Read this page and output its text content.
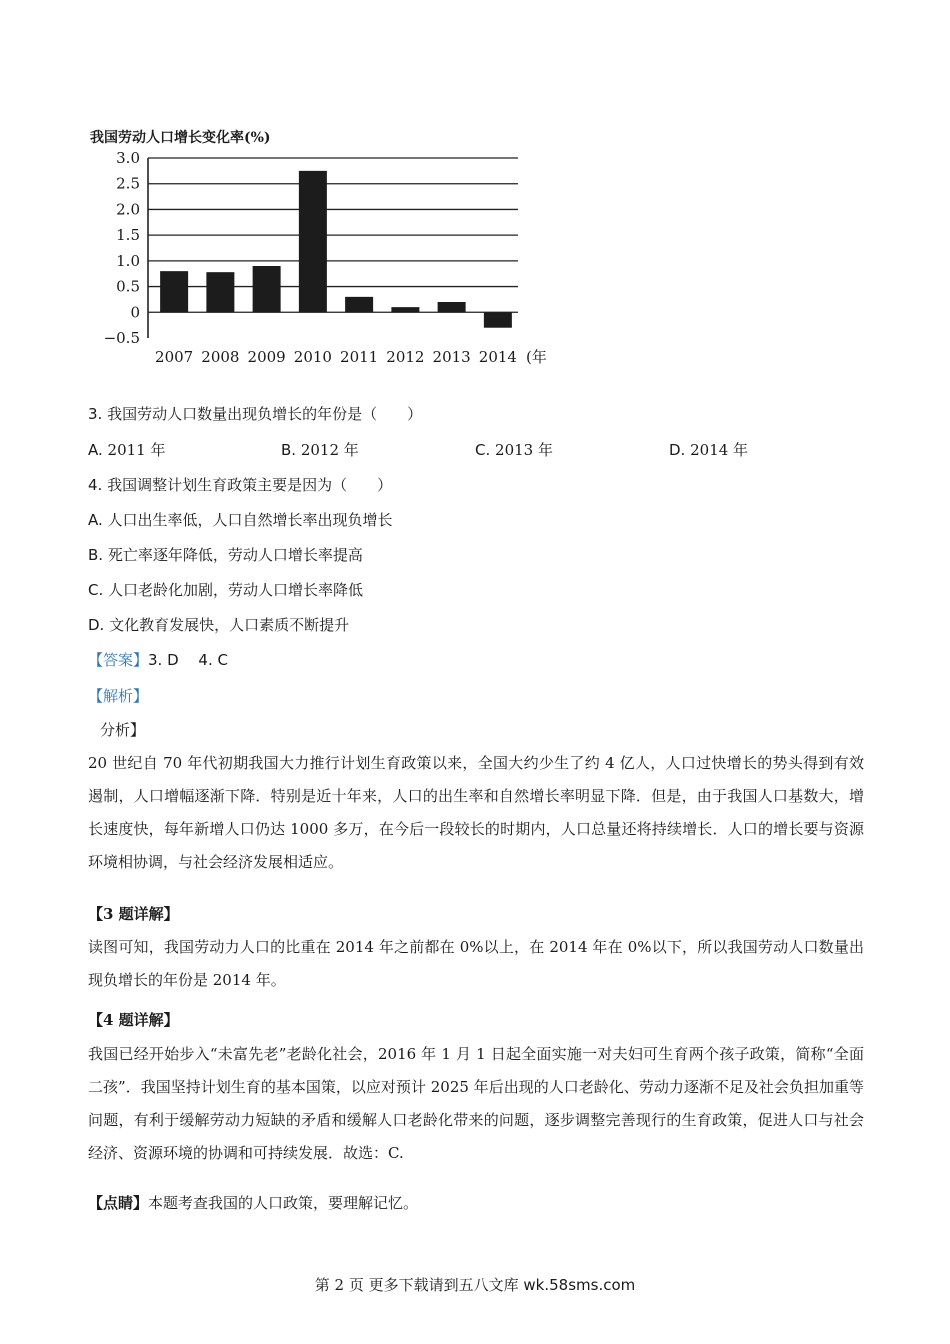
我国劳动人口增长变化率(%)
3.0
2.5
2.0
1.5
1.0
0.5
0
−0.5
2007 2008 2009 2010 2011 2012 2013 2014 (年
3. 我国劳动人口数量出现负增长的年份是（　　）
A. 2011 年	B. 2012 年	C. 2013 年	D. 2014 年
4. 我国调整计划生育政策主要是因为（　　）
A. 人口出生率低，人口自然增长率出现负增长
B. 死亡率逐年降低，劳动人口增长率提高
C. 人口老龄化加剧，劳动人口增长率降低
D. 文化教育发展快，人口素质不断提升
【答案】3. D　 4. C
【解析】
分析】
20 世纪自 70 年代初期我国大力推行计划生育政策以来，全国大约少生了约 4 亿人，人口过快增长的势头得到有效遏制，人口增幅逐渐下降．特别是近十年来，人口的出生率和自然增长率明显下降．但是，由于我国人口基数大，增长速度快，每年新增人口仍达 1000 多万，在今后一段较长的时期内，人口总量还将持续增长．人口的增长要与资源环境相协调，与社会经济发展相适应。
【3 题详解】
读图可知，我国劳动力人口的比重在 2014 年之前都在 0%以上，在 2014 年在 0%以下，所以我国劳动人口数量出现负增长的年份是 2014 年。
【4 题详解】
我国已经开始步入“未富先老”老龄化社会，2016 年 1 月 1 日起全面实施一对夫妇可生育两个孩子政策，简称“全面二孩”．我国坚持计划生育的基本国策，以应对预计 2025 年后出现的人口老龄化、劳动力逐渐不足及社会负担加重等问题，有利于缓解劳动力短缺的矛盾和缓解人口老龄化带来的问题，逐步调整完善现行的生育政策，促进人口与社会经济、资源环境的协调和可持续发展．故选：C.
【点睛】本题考查我国的人口政策，要理解记忆。
第 2 页 更多下载请到五八文库 wk.58sms.com
